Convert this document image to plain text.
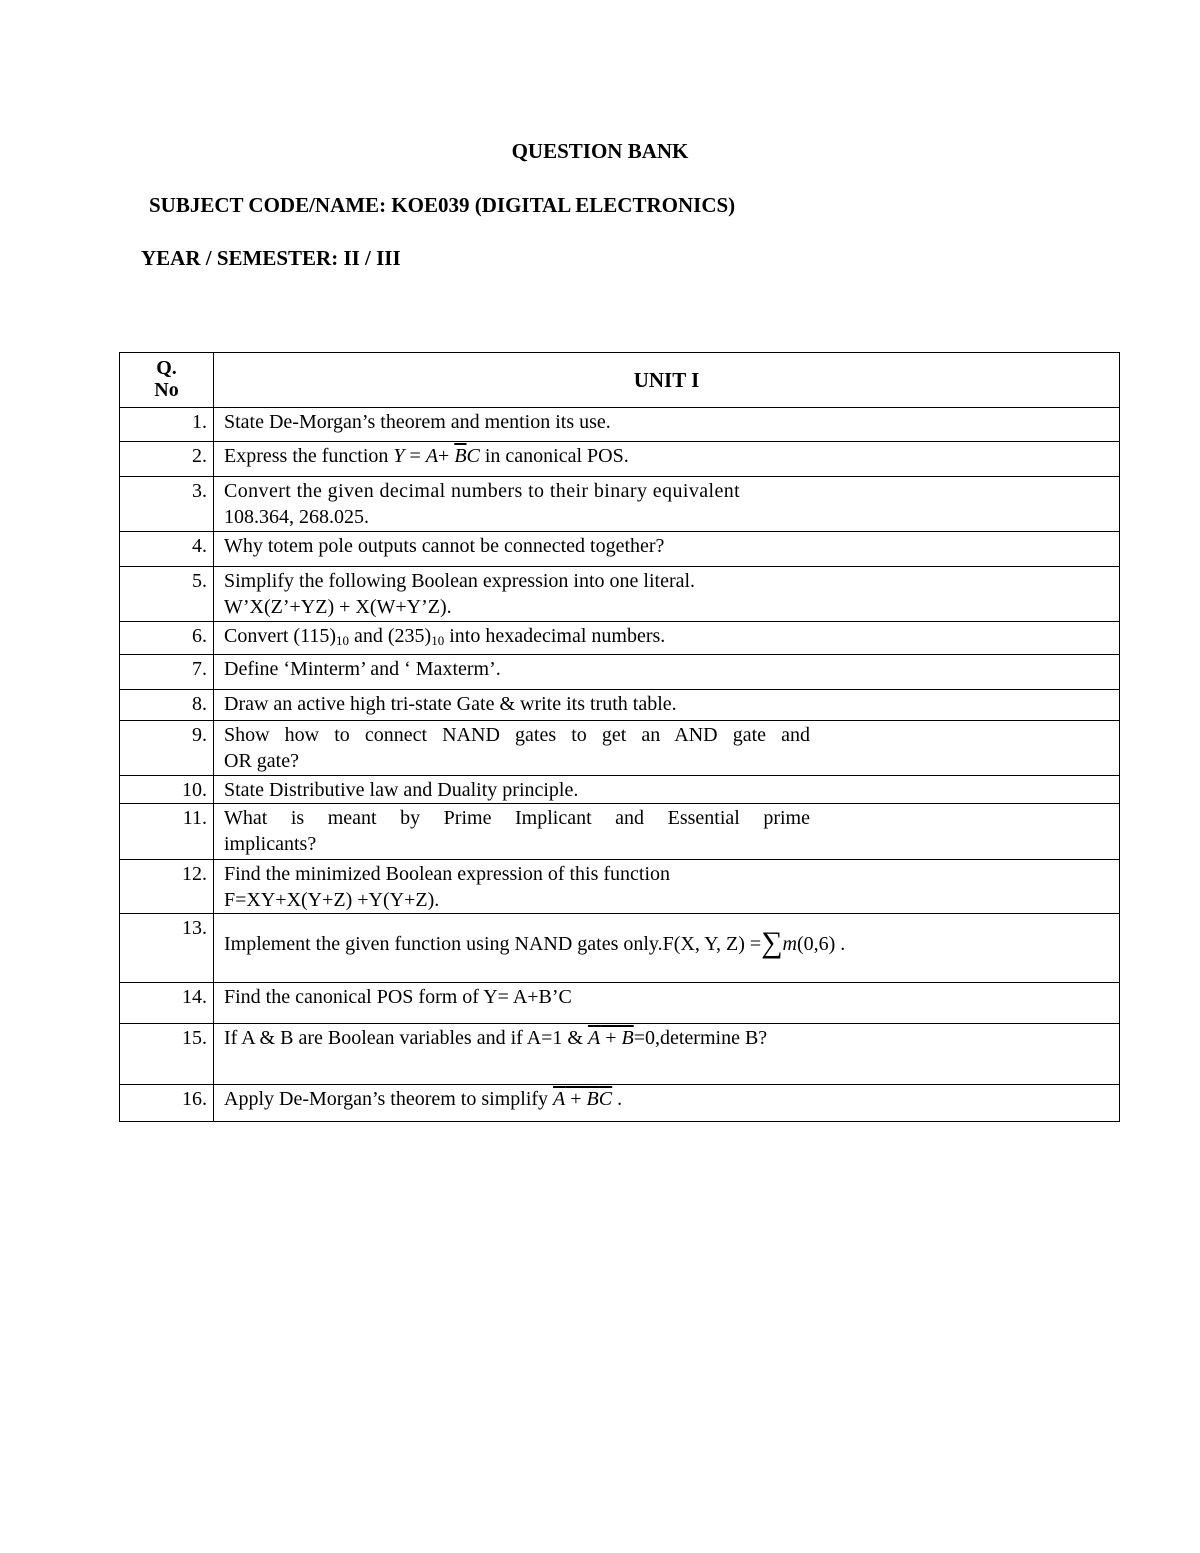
QUESTION BANK
SUBJECT CODE/NAME: KOE039 (DIGITAL ELECTRONICS)
YEAR / SEMESTER: II / III
Q.
No	UNIT I
1.	State De-Morgan’s theorem and mention its use.
2.	Express the function $Y = A+ \overline{B}C$ in canonical POS.
3.	Convert the given decimal numbers to their binary equivalent
108.364, 268.025.
4.	Why totem pole outputs cannot be connected together?
5.	Simplify the following Boolean expression into one literal.
W’X(Z’+YZ) + X(W+Y’Z).
6.	Convert $(115)_{10}$ and $(235)_{10}$ into hexadecimal numbers.
7.	Define ‘Minterm’ and ‘ Maxterm’.
8.	Draw an active high tri-state Gate & write its truth table.
9.	Show how to connect NAND gates to get an AND gate and
OR gate?
10.	State Distributive law and Duality principle.
11.	What is meant by Prime Implicant and Essential prime
implicants?
12.	Find the minimized Boolean expression of this function
F=XY+X(Y+Z) +Y(Y+Z).
13.	Implement the given function using NAND gates only.F(X, Y, Z) =∑m(0,6) .

14.	Find the canonical POS form of Y= A+B’C
15.	If A & B are Boolean variables and if A=1 & A + B=0,determine B?
16.	Apply De-Morgan’s theorem to simplify A + BC .
